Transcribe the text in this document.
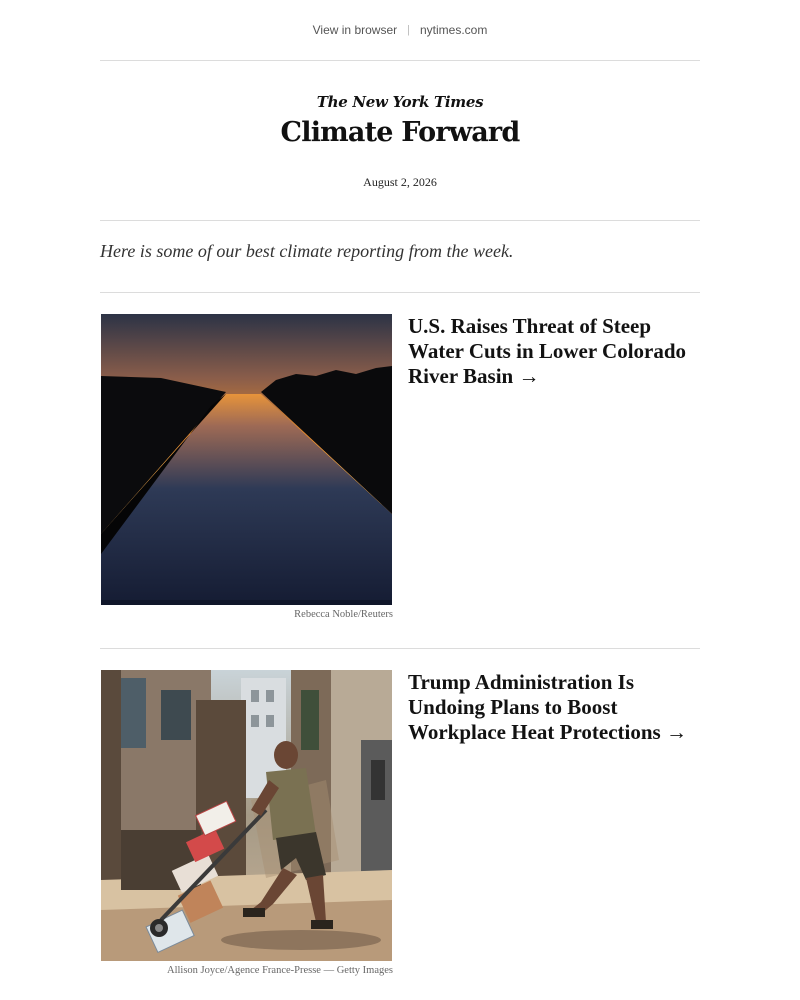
View in browser | nytimes.com
The New York Times
Climate Forward
August 2, 2026
Here is some of our best climate reporting from the week.
Rebecca Noble/Reuters
U.S. Raises Threat of Steep Water Cuts in Lower Colorado River Basin →
Allison Joyce/Agence France-Presse — Getty Images
Trump Administration Is Undoing Plans to Boost Workplace Heat Protections →
